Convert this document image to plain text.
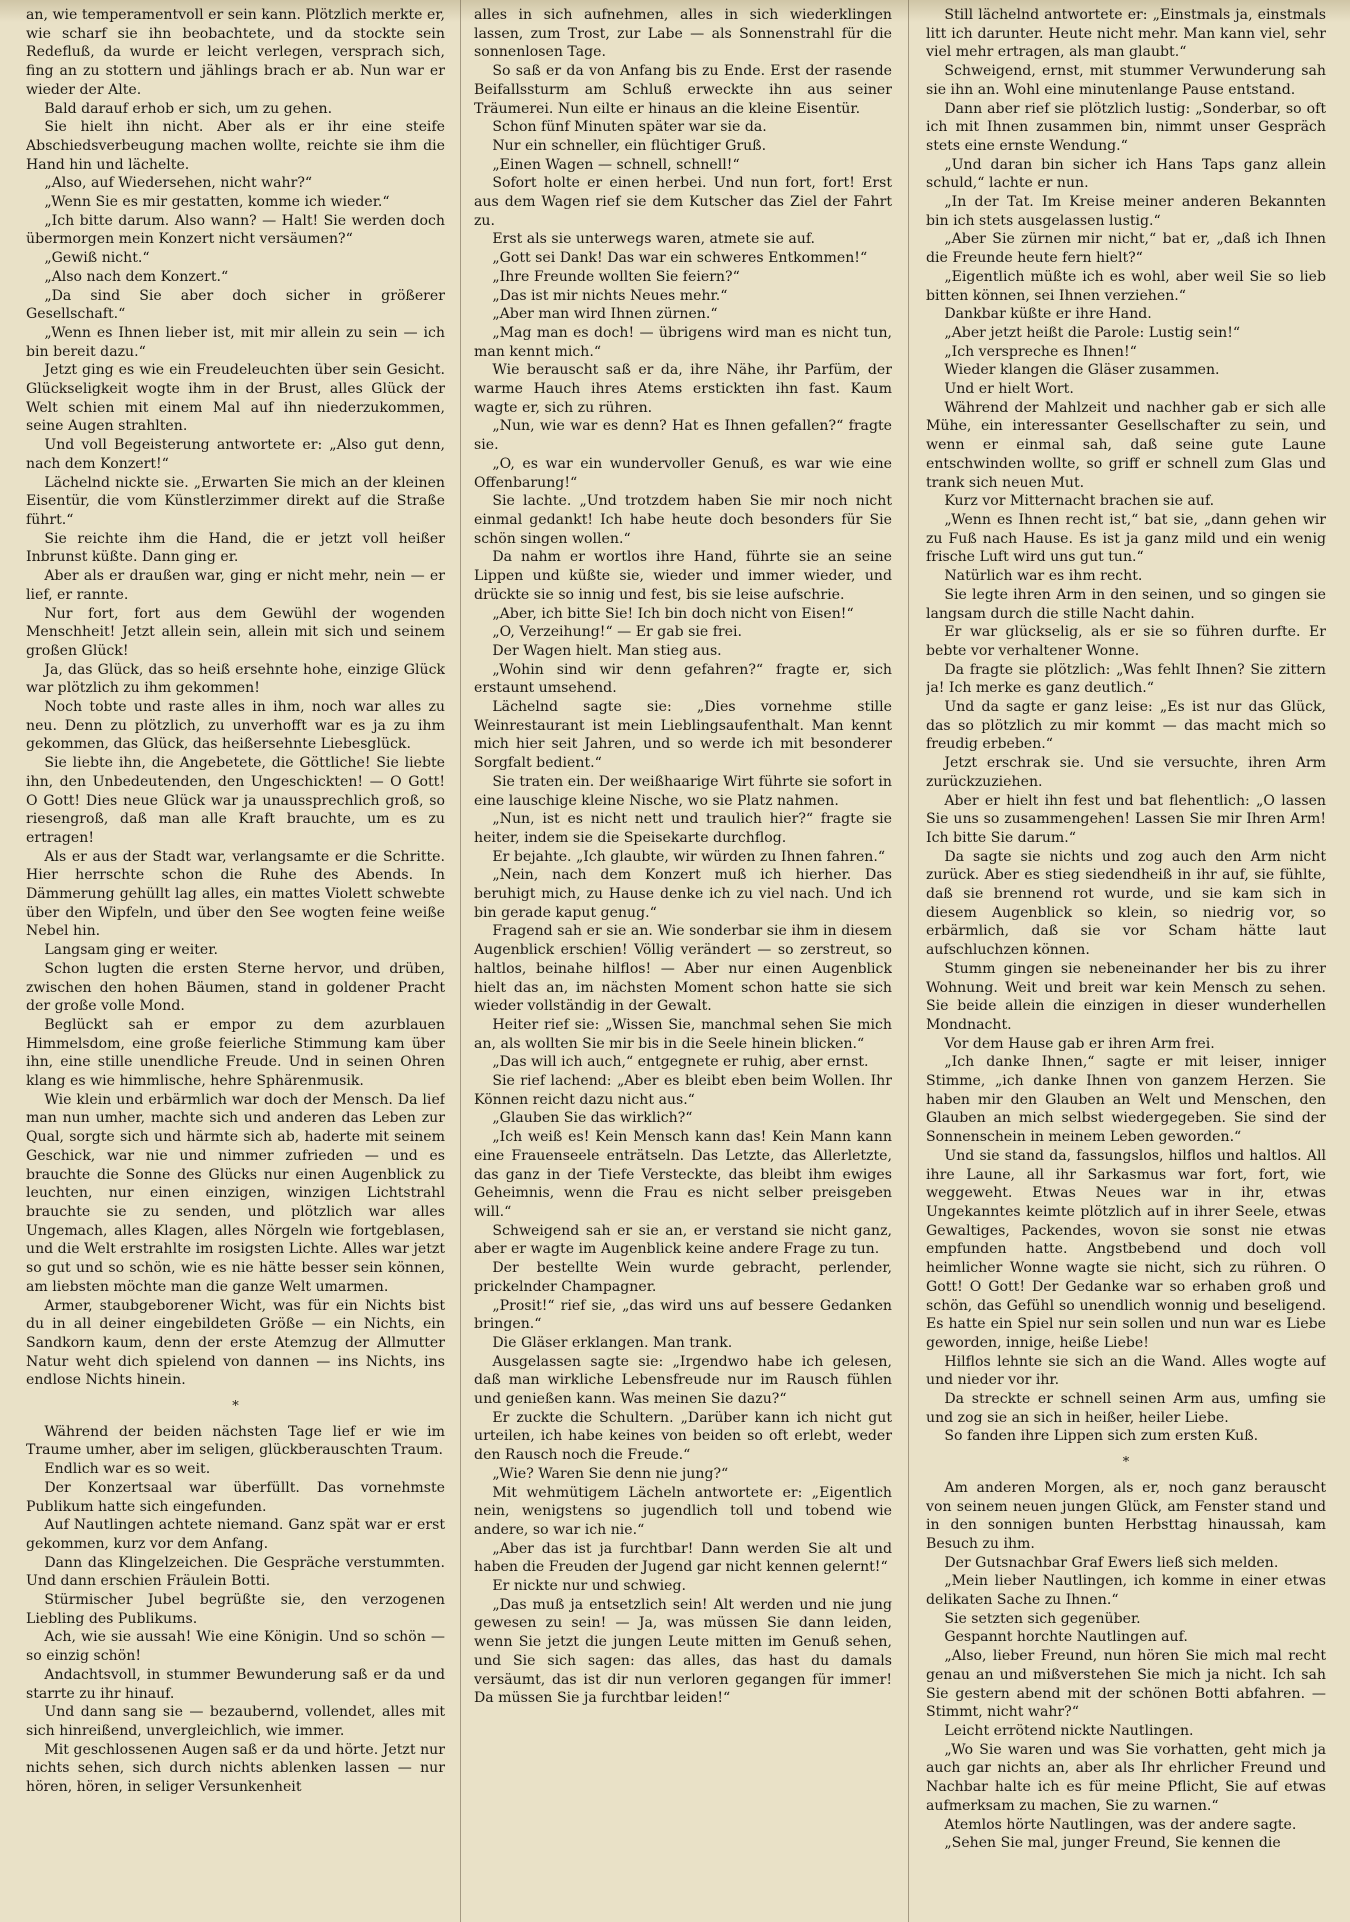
an, wie temperamentvoll er sein kann. Plötzlich merkte er, wie scharf sie ihn beobachtete, und da stockte sein Redefluß, da wurde er leicht verlegen, versprach sich, fing an zu stottern und jählings brach er ab. Nun war er wieder der Alte.

Bald darauf erhob er sich, um zu gehen.

Sie hielt ihn nicht. Aber als er ihr eine steife Abschiedsverbeugung machen wollte, reichte sie ihm die Hand hin und lächelte.

„Also, auf Wiedersehen, nicht wahr?“

„Wenn Sie es mir gestatten, komme ich wieder.“

„Ich bitte darum. Also wann? — Halt! Sie werden doch übermorgen mein Konzert nicht versäumen?“

„Gewiß nicht.“

„Also nach dem Konzert.“

„Da sind Sie aber doch sicher in größerer Gesellschaft.“

„Wenn es Ihnen lieber ist, mit mir allein zu sein — ich bin bereit dazu.“

Jetzt ging es wie ein Freudeleuchten über sein Gesicht. Glückseligkeit wogte ihm in der Brust, alles Glück der Welt schien mit einem Mal auf ihn niederzukommen, seine Augen strahlten.

Und voll Begeisterung antwortete er: „Also gut denn, nach dem Konzert!“

Lächelnd nickte sie. „Erwarten Sie mich an der kleinen Eisentür, die vom Künstlerzimmer direkt auf die Straße führt.“

Sie reichte ihm die Hand, die er jetzt voll heißer Inbrunst küßte. Dann ging er.

Aber als er draußen war, ging er nicht mehr, nein — er lief, er rannte.

Nur fort, fort aus dem Gewühl der wogenden Menschheit! Jetzt allein sein, allein mit sich und seinem großen Glück!

Ja, das Glück, das so heiß ersehnte hohe, einzige Glück war plötzlich zu ihm gekommen!

Noch tobte und raste alles in ihm, noch war alles zu neu. Denn zu plötzlich, zu unverhofft war es ja zu ihm gekommen, das Glück, das heißersehnte Liebesglück.

Sie liebte ihn, die Angebetete, die Göttliche! Sie liebte ihn, den Unbedeutenden, den Ungeschickten! — O Gott! O Gott! Dies neue Glück war ja unaussprechlich groß, so riesengroß, daß man alle Kraft brauchte, um es zu ertragen!

Als er aus der Stadt war, verlangsamte er die Schritte. Hier herrschte schon die Ruhe des Abends. In Dämmerung gehüllt lag alles, ein mattes Violett schwebte über den Wipfeln, und über den See wogten feine weiße Nebel hin.

Langsam ging er weiter.

Schon lugten die ersten Sterne hervor, und drüben, zwischen den hohen Bäumen, stand in goldener Pracht der große volle Mond.

Beglückt sah er empor zu dem azurblauen Himmelsdom, eine große feierliche Stimmung kam über ihn, eine stille unendliche Freude. Und in seinen Ohren klang es wie himmlische, hehre Sphärenmusik.

Wie klein und erbärmlich war doch der Mensch. Da lief man nun umher, machte sich und anderen das Leben zur Qual, sorgte sich und härmte sich ab, haderte mit seinem Geschick, war nie und nimmer zufrieden — und es brauchte die Sonne des Glücks nur einen Augenblick zu leuchten, nur einen einzigen, winzigen Lichtstrahl brauchte sie zu senden, und plötzlich war alles Ungemach, alles Klagen, alles Nörgeln wie fortgeblasen, und die Welt erstrahlte im rosigsten Lichte. Alles war jetzt so gut und so schön, wie es nie hätte besser sein können, am liebsten möchte man die ganze Welt umarmen.

Armer, staubgeborener Wicht, was für ein Nichts bist du in all deiner eingebildeten Größe — ein Nichts, ein Sandkorn kaum, denn der erste Atemzug der Allmutter Natur weht dich spielend von dannen — ins Nichts, ins endlose Nichts hinein.

*

Während der beiden nächsten Tage lief er wie im Traume umher, aber im seligen, glückberauschten Traum.

Endlich war es so weit.

Der Konzertsaal war überfüllt. Das vornehmste Publikum hatte sich eingefunden.

Auf Nautlingen achtete niemand. Ganz spät war er erst gekommen, kurz vor dem Anfang.

Dann das Klingelzeichen. Die Gespräche verstummten. Und dann erschien Fräulein Botti.

Stürmischer Jubel begrüßte sie, den verzogenen Liebling des Publikums.

Ach, wie sie aussah! Wie eine Königin. Und so schön — so einzig schön!

Andachtsvoll, in stummer Bewunderung saß er da und starrte zu ihr hinauf.

Und dann sang sie — bezaubernd, vollendet, alles mit sich hinreißend, unvergleichlich, wie immer.

Mit geschlossenen Augen saß er da und hörte. Jetzt nur nichts sehen, sich durch nichts ablenken lassen — nur hören, hören, in seliger Versunkenheit

alles in sich aufnehmen, alles in sich wiederklingen lassen, zum Trost, zur Labe — als Sonnenstrahl für die sonnenlosen Tage.

So saß er da von Anfang bis zu Ende. Erst der rasende Beifallssturm am Schluß erweckte ihn aus seiner Träumerei. Nun eilte er hinaus an die kleine Eisentür.

Schon fünf Minuten später war sie da.

Nur ein schneller, ein flüchtiger Gruß.

„Einen Wagen — schnell, schnell!“

Sofort holte er einen herbei. Und nun fort, fort! Erst aus dem Wagen rief sie dem Kutscher das Ziel der Fahrt zu.

Erst als sie unterwegs waren, atmete sie auf.

„Gott sei Dank! Das war ein schweres Entkommen!“

„Ihre Freunde wollten Sie feiern?“

„Das ist mir nichts Neues mehr.“

„Aber man wird Ihnen zürnen.“

„Mag man es doch! — übrigens wird man es nicht tun, man kennt mich.“

Wie berauscht saß er da, ihre Nähe, ihr Parfüm, der warme Hauch ihres Atems erstickten ihn fast. Kaum wagte er, sich zu rühren.

„Nun, wie war es denn? Hat es Ihnen gefallen?“ fragte sie.

„O, es war ein wundervoller Genuß, es war wie eine Offenbarung!“

Sie lachte. „Und trotzdem haben Sie mir noch nicht einmal gedankt! Ich habe heute doch besonders für Sie schön singen wollen.“

Da nahm er wortlos ihre Hand, führte sie an seine Lippen und küßte sie, wieder und immer wieder, und drückte sie so innig und fest, bis sie leise aufschrie.

„Aber, ich bitte Sie! Ich bin doch nicht von Eisen!“

„O, Verzeihung!“ — Er gab sie frei.

Der Wagen hielt. Man stieg aus.

„Wohin sind wir denn gefahren?“ fragte er, sich erstaunt umsehend.

Lächelnd sagte sie: „Dies vornehme stille Weinrestaurant ist mein Lieblingsaufenthalt. Man kennt mich hier seit Jahren, und so werde ich mit besonderer Sorgfalt bedient.“

Sie traten ein. Der weißhaarige Wirt führte sie sofort in eine lauschige kleine Nische, wo sie Platz nahmen.

„Nun, ist es nicht nett und traulich hier?“ fragte sie heiter, indem sie die Speisekarte durchflog.

Er bejahte. „Ich glaubte, wir würden zu Ihnen fahren.“

„Nein, nach dem Konzert muß ich hierher. Das beruhigt mich, zu Hause denke ich zu viel nach. Und ich bin gerade kaput genug.“

Fragend sah er sie an. Wie sonderbar sie ihm in diesem Augenblick erschien! Völlig verändert — so zerstreut, so haltlos, beinahe hilflos! — Aber nur einen Augenblick hielt das an, im nächsten Moment schon hatte sie sich wieder vollständig in der Gewalt.

Heiter rief sie: „Wissen Sie, manchmal sehen Sie mich an, als wollten Sie mir bis in die Seele hinein blicken.“

„Das will ich auch,“ entgegnete er ruhig, aber ernst.

Sie rief lachend: „Aber es bleibt eben beim Wollen. Ihr Können reicht dazu nicht aus.“

„Glauben Sie das wirklich?“

„Ich weiß es! Kein Mensch kann das! Kein Mann kann eine Frauenseele enträtseln. Das Letzte, das Allerletzte, das ganz in der Tiefe Versteckte, das bleibt ihm ewiges Geheimnis, wenn die Frau es nicht selber preisgeben will.“

Schweigend sah er sie an, er verstand sie nicht ganz, aber er wagte im Augenblick keine andere Frage zu tun.

Der bestellte Wein wurde gebracht, perlender, prickelnder Champagner.

„Prosit!“ rief sie, „das wird uns auf bessere Gedanken bringen.“

Die Gläser erklangen. Man trank.

Ausgelassen sagte sie: „Irgendwo habe ich gelesen, daß man wirkliche Lebensfreude nur im Rausch fühlen und genießen kann. Was meinen Sie dazu?“

Er zuckte die Schultern. „Darüber kann ich nicht gut urteilen, ich habe keines von beiden so oft erlebt, weder den Rausch noch die Freude.“

„Wie? Waren Sie denn nie jung?“

Mit wehmütigem Lächeln antwortete er: „Eigentlich nein, wenigstens so jugendlich toll und tobend wie andere, so war ich nie.“

„Aber das ist ja furchtbar! Dann werden Sie alt und haben die Freuden der Jugend gar nicht kennen gelernt!“

Er nickte nur und schwieg.

„Das muß ja entsetzlich sein! Alt werden und nie jung gewesen zu sein! — Ja, was müssen Sie dann leiden, wenn Sie jetzt die jungen Leute mitten im Genuß sehen, und Sie sich sagen: das alles, das hast du damals versäumt, das ist dir nun verloren gegangen für immer! Da müssen Sie ja furchtbar leiden!“

Still lächelnd antwortete er: „Einstmals ja, einstmals litt ich darunter. Heute nicht mehr. Man kann viel, sehr viel mehr ertragen, als man glaubt.“

Schweigend, ernst, mit stummer Verwunderung sah sie ihn an. Wohl eine minutenlange Pause entstand.

Dann aber rief sie plötzlich lustig: „Sonderbar, so oft ich mit Ihnen zusammen bin, nimmt unser Gespräch stets eine ernste Wendung.“

„Und daran bin sicher ich Hans Taps ganz allein schuld,“ lachte er nun.

„In der Tat. Im Kreise meiner anderen Bekannten bin ich stets ausgelassen lustig.“

„Aber Sie zürnen mir nicht,“ bat er, „daß ich Ihnen die Freunde heute fern hielt?“

„Eigentlich müßte ich es wohl, aber weil Sie so lieb bitten können, sei Ihnen verziehen.“

Dankbar küßte er ihre Hand.

„Aber jetzt heißt die Parole: Lustig sein!“

„Ich verspreche es Ihnen!“

Wieder klangen die Gläser zusammen.

Und er hielt Wort.

Während der Mahlzeit und nachher gab er sich alle Mühe, ein interessanter Gesellschafter zu sein, und wenn er einmal sah, daß seine gute Laune entschwinden wollte, so griff er schnell zum Glas und trank sich neuen Mut.

Kurz vor Mitternacht brachen sie auf.

„Wenn es Ihnen recht ist,“ bat sie, „dann gehen wir zu Fuß nach Hause. Es ist ja ganz mild und ein wenig frische Luft wird uns gut tun.“

Natürlich war es ihm recht.

Sie legte ihren Arm in den seinen, und so gingen sie langsam durch die stille Nacht dahin.

Er war glückselig, als er sie so führen durfte. Er bebte vor verhaltener Wonne.

Da fragte sie plötzlich: „Was fehlt Ihnen? Sie zittern ja! Ich merke es ganz deutlich.“

Und da sagte er ganz leise: „Es ist nur das Glück, das so plötzlich zu mir kommt — das macht mich so freudig erbeben.“

Jetzt erschrak sie. Und sie versuchte, ihren Arm zurückzuziehen.

Aber er hielt ihn fest und bat flehentlich: „O lassen Sie uns so zusammengehen! Lassen Sie mir Ihren Arm! Ich bitte Sie darum.“

Da sagte sie nichts und zog auch den Arm nicht zurück. Aber es stieg siedendheiß in ihr auf, sie fühlte, daß sie brennend rot wurde, und sie kam sich in diesem Augenblick so klein, so niedrig vor, so erbärmlich, daß sie vor Scham hätte laut aufschluchzen können.

Stumm gingen sie nebeneinander her bis zu ihrer Wohnung. Weit und breit war kein Mensch zu sehen. Sie beide allein die einzigen in dieser wunderhellen Mondnacht.

Vor dem Hause gab er ihren Arm frei.

„Ich danke Ihnen,“ sagte er mit leiser, inniger Stimme, „ich danke Ihnen von ganzem Herzen. Sie haben mir den Glauben an Welt und Menschen, den Glauben an mich selbst wiedergegeben. Sie sind der Sonnenschein in meinem Leben geworden.“

Und sie stand da, fassungslos, hilflos und haltlos. All ihre Laune, all ihr Sarkasmus war fort, fort, wie weggeweht. Etwas Neues war in ihr, etwas Ungekanntes keimte plötzlich auf in ihrer Seele, etwas Gewaltiges, Packendes, wovon sie sonst nie etwas empfunden hatte. Angstbebend und doch voll heimlicher Wonne wagte sie nicht, sich zu rühren. O Gott! O Gott! Der Gedanke war so erhaben groß und schön, das Gefühl so unendlich wonnig und beseligend. Es hatte ein Spiel nur sein sollen und nun war es Liebe geworden, innige, heiße Liebe!

Hilflos lehnte sie sich an die Wand. Alles wogte auf und nieder vor ihr.

Da streckte er schnell seinen Arm aus, umfing sie und zog sie an sich in heißer, heiler Liebe.

So fanden ihre Lippen sich zum ersten Kuß.

*

Am anderen Morgen, als er, noch ganz berauscht von seinem neuen jungen Glück, am Fenster stand und in den sonnigen bunten Herbsttag hinaussah, kam Besuch zu ihm.

Der Gutsnachbar Graf Ewers ließ sich melden.

„Mein lieber Nautlingen, ich komme in einer etwas delikaten Sache zu Ihnen.“

Sie setzten sich gegenüber.

Gespannt horchte Nautlingen auf.

„Also, lieber Freund, nun hören Sie mich mal recht genau an und mißverstehen Sie mich ja nicht. Ich sah Sie gestern abend mit der schönen Botti abfahren. — Stimmt, nicht wahr?“

Leicht errötend nickte Nautlingen.

„Wo Sie waren und was Sie vorhatten, geht mich ja auch gar nichts an, aber als Ihr ehrlicher Freund und Nachbar halte ich es für meine Pflicht, Sie auf etwas aufmerksam zu machen, Sie zu warnen.“

Atemlos hörte Nautlingen, was der andere sagte.

„Sehen Sie mal, junger Freund, Sie kennen die
